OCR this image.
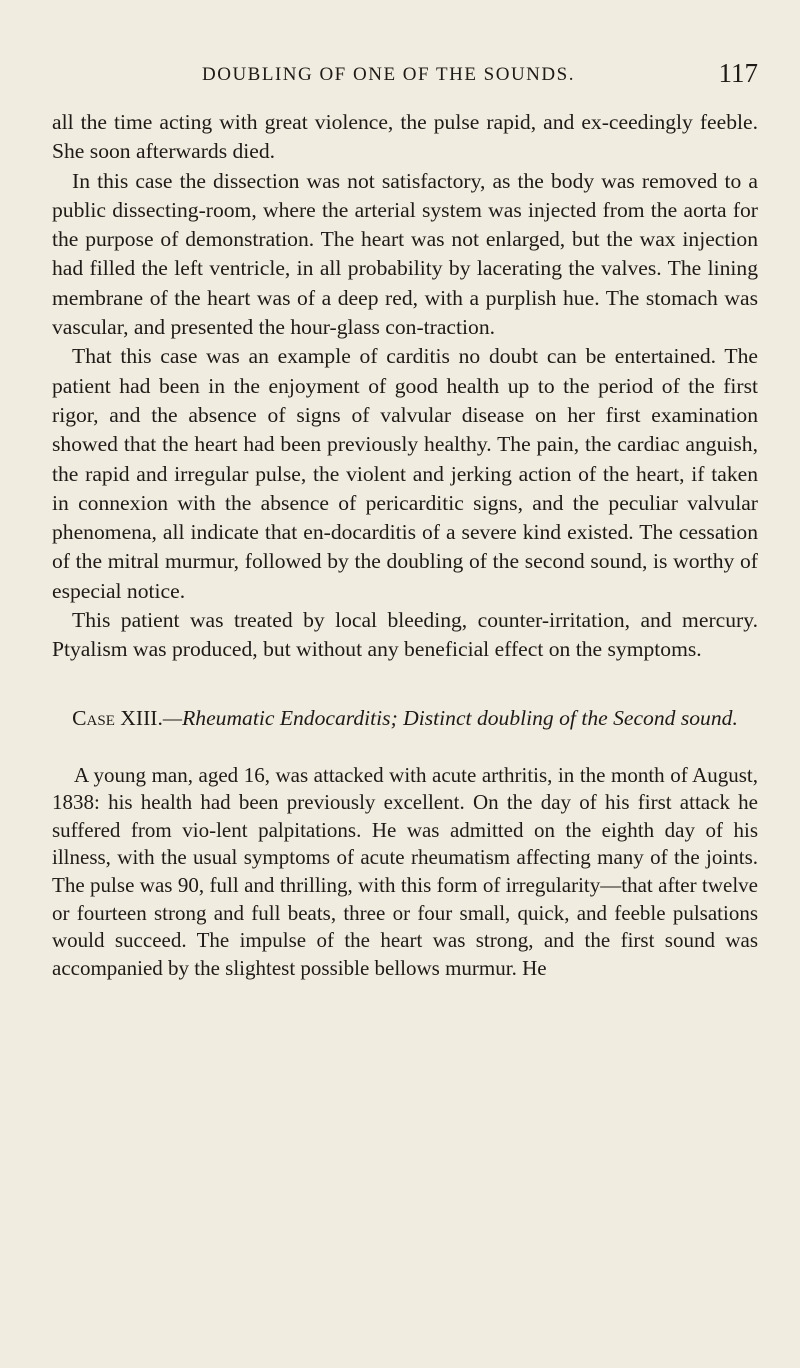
DOUBLING OF ONE OF THE SOUNDS.	117

all the time acting with great violence, the pulse rapid, and ex-ceedingly feeble. She soon afterwards died.

In this case the dissection was not satisfactory, as the body was removed to a public dissecting-room, where the arterial system was injected from the aorta for the purpose of demonstration. The heart was not enlarged, but the wax injection had filled the left ventricle, in all probability by lacerating the valves. The lining membrane of the heart was of a deep red, with a purplish hue. The stomach was vascular, and presented the hour-glass con-traction.

That this case was an example of carditis no doubt can be entertained. The patient had been in the enjoyment of good health up to the period of the first rigor, and the absence of signs of valvular disease on her first examination showed that the heart had been previously healthy. The pain, the cardiac anguish, the rapid and irregular pulse, the violent and jerking action of the heart, if taken in connexion with the absence of pericarditic signs, and the peculiar valvular phenomena, all indicate that en-docarditis of a severe kind existed. The cessation of the mitral murmur, followed by the doubling of the second sound, is worthy of especial notice.

This patient was treated by local bleeding, counter-irritation, and mercury. Ptyalism was produced, but without any beneficial effect on the symptoms.

Case XIII.—Rheumatic Endocarditis; Distinct doubling of the Second sound.

A young man, aged 16, was attacked with acute arthritis, in the month of August, 1838: his health had been previously excellent. On the day of his first attack he suffered from vio-lent palpitations. He was admitted on the eighth day of his illness, with the usual symptoms of acute rheumatism affecting many of the joints. The pulse was 90, full and thrilling, with this form of irregularity—that after twelve or fourteen strong and full beats, three or four small, quick, and feeble pulsations would succeed. The impulse of the heart was strong, and the first sound was accompanied by the slightest possible bellows murmur. He
